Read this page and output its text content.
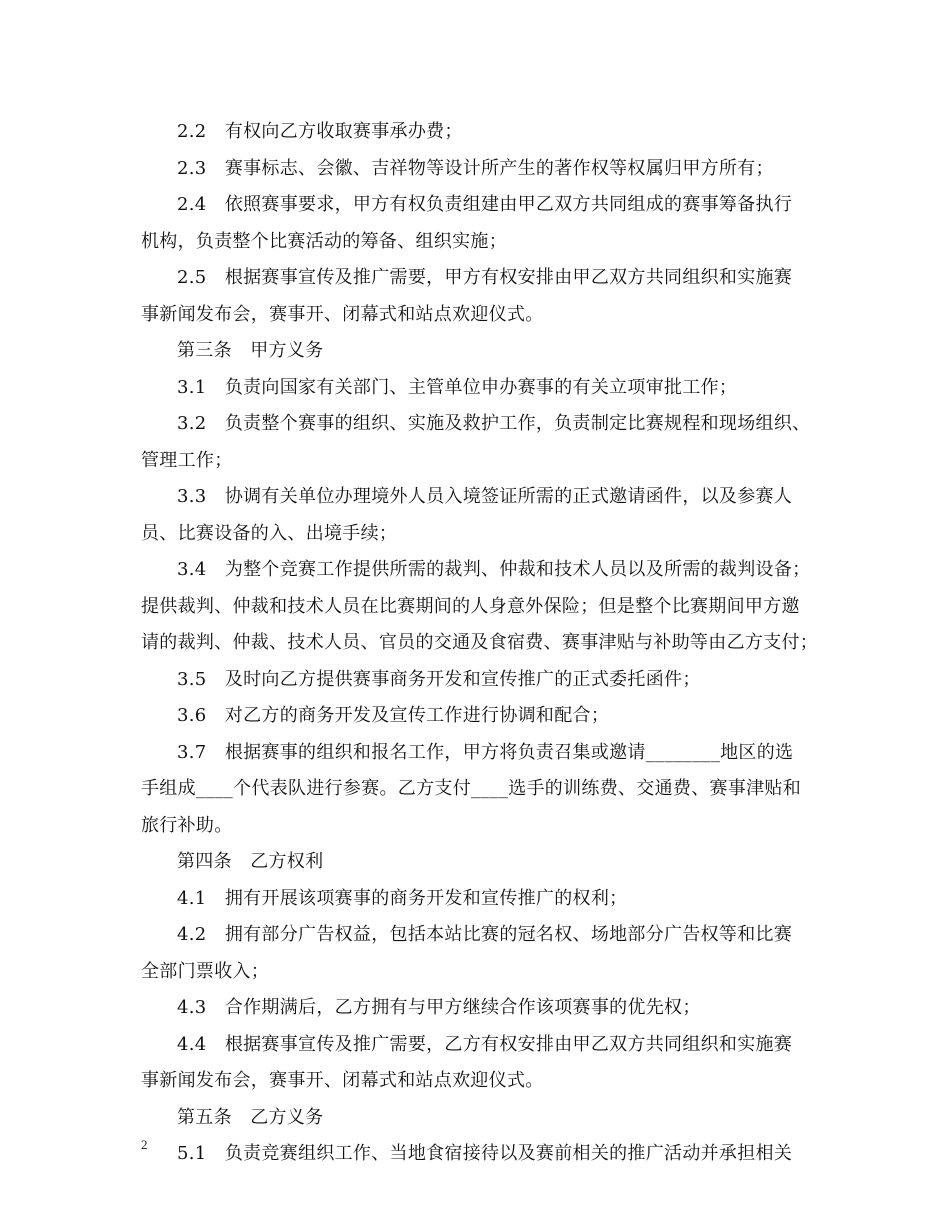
2.2　有权向乙方收取赛事承办费；
2.3　赛事标志、会徽、吉祥物等设计所产生的著作权等权属归甲方所有；
2.4　依照赛事要求，甲方有权负责组建由甲乙双方共同组成的赛事筹备执行
机构，负责整个比赛活动的筹备、组织实施；
2.5　根据赛事宣传及推广需要，甲方有权安排由甲乙双方共同组织和实施赛
事新闻发布会，赛事开、闭幕式和站点欢迎仪式。
第三条　甲方义务
3.1　负责向国家有关部门、主管单位申办赛事的有关立项审批工作；
3.2　负责整个赛事的组织、实施及救护工作，负责制定比赛规程和现场组织、
管理工作；
3.3　协调有关单位办理境外人员入境签证所需的正式邀请函件，以及参赛人
员、比赛设备的入、出境手续；
3.4　为整个竞赛工作提供所需的裁判、仲裁和技术人员以及所需的裁判设备；
提供裁判、仲裁和技术人员在比赛期间的人身意外保险；但是整个比赛期间甲方邀
请的裁判、仲裁、技术人员、官员的交通及食宿费、赛事津贴与补助等由乙方支付；
3.5　及时向乙方提供赛事商务开发和宣传推广的正式委托函件；
3.6　对乙方的商务开发及宣传工作进行协调和配合；
3.7　根据赛事的组织和报名工作，甲方将负责召集或邀请________地区的选
手组成____个代表队进行参赛。乙方支付____选手的训练费、交通费、赛事津贴和
旅行补助。
第四条　乙方权利
4.1　拥有开展该项赛事的商务开发和宣传推广的权利；
4.2　拥有部分广告权益，包括本站比赛的冠名权、场地部分广告权等和比赛
全部门票收入；
4.3　合作期满后，乙方拥有与甲方继续合作该项赛事的优先权；
4.4　根据赛事宣传及推广需要，乙方有权安排由甲乙双方共同组织和实施赛
事新闻发布会，赛事开、闭幕式和站点欢迎仪式。
第五条　乙方义务
5.1　负责竞赛组织工作、当地食宿接待以及赛前相关的推广活动并承担相关
2
